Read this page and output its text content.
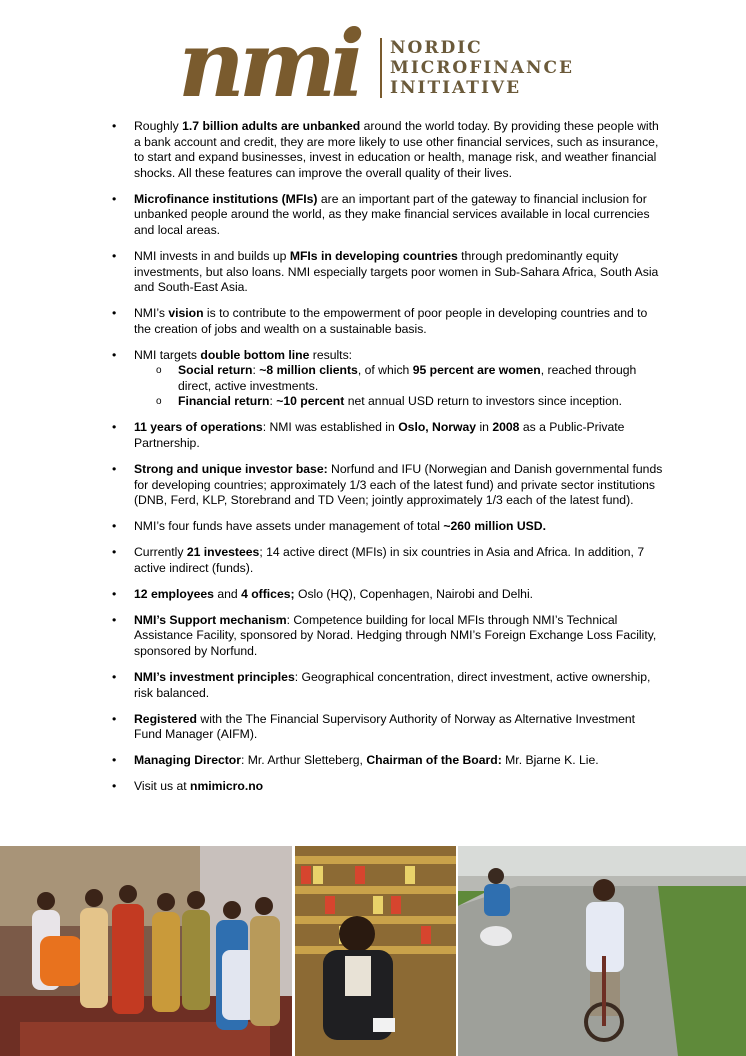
nmi NORDIC
MICROFINANCE
INITIATIVE
• Roughly 1.7 billion adults are unbanked around the world today. By providing these people with a bank account and credit, they are more likely to use other financial services, such as insurance, to start and expand businesses, invest in education or health, manage risk, and weather financial shocks. All these features can improve the overall quality of their lives.
• Microfinance institutions (MFIs) are an important part of the gateway to financial inclusion for unbanked people around the world, as they make financial services available in local currencies and local areas.
• NMI invests in and builds up MFIs in developing countries through predominantly equity investments, but also loans. NMI especially targets poor women in Sub-Sahara Africa, South Asia and South-East Asia.
• NMI’s vision is to contribute to the empowerment of poor people in developing countries and to the creation of jobs and wealth on a sustainable basis.
• NMI targets double bottom line results:
o Social return: ~8 million clients, of which 95 percent are women, reached through direct, active investments.
o Financial return: ~10 percent net annual USD return to investors since inception.
• 11 years of operations: NMI was established in Oslo, Norway in 2008 as a Public-Private Partnership.
• Strong and unique investor base: Norfund and IFU (Norwegian and Danish governmental funds for developing countries; approximately 1/3 each of the latest fund) and private sector institutions (DNB, Ferd, KLP, Storebrand and TD Veen; jointly approximately 1/3 each of the latest fund).
• NMI’s four funds have assets under management of total ~260 million USD.
• Currently 21 investees; 14 active direct (MFIs) in six countries in Asia and Africa. In addition, 7 active indirect (funds).
• 12 employees and 4 offices; Oslo (HQ), Copenhagen, Nairobi and Delhi.
• NMI’s Support mechanism: Competence building for local MFIs through NMI’s Technical Assistance Facility, sponsored by Norad. Hedging through NMI’s Foreign Exchange Loss Facility, sponsored by Norfund.
• NMI’s investment principles: Geographical concentration, direct investment, active ownership, risk balanced.
• Registered with the The Financial Supervisory Authority of Norway as Alternative Investment Fund Manager (AIFM).
• Managing Director: Mr. Arthur Sletteberg, Chairman of the Board: Mr. Bjarne K. Lie.
• Visit us at nmimicro.no
